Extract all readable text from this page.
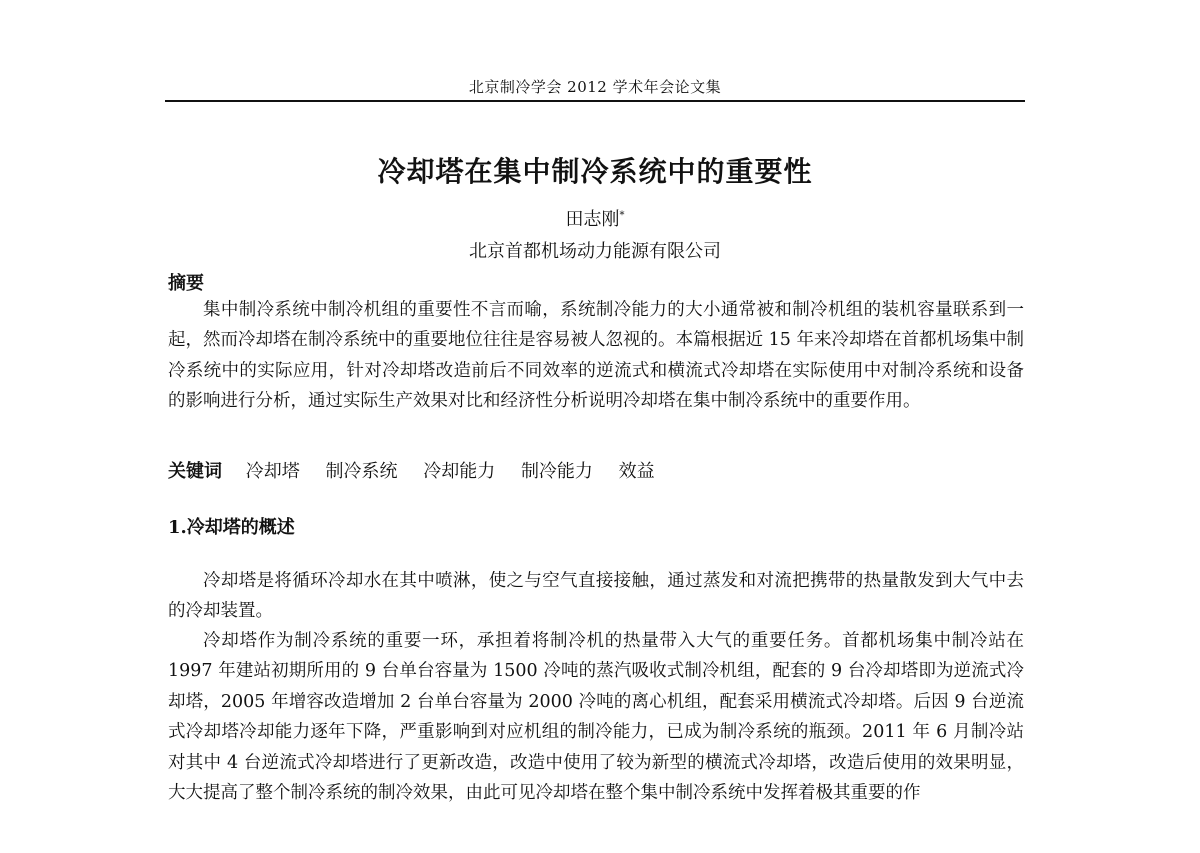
北京制冷学会 2012 学术年会论文集
冷却塔在集中制冷系统中的重要性
田志刚*
北京首都机场动力能源有限公司
摘要

集中制冷系统中制冷机组的重要性不言而喻，系统制冷能力的大小通常被和制冷机组的装机容量联系到一起，然而冷却塔在制冷系统中的重要地位往往是容易被人忽视的。本篇根据近 15 年来冷却塔在首都机场集中制冷系统中的实际应用，针对冷却塔改造前后不同效率的逆流式和横流式冷却塔在实际使用中对制冷系统和设备的影响进行分析，通过实际生产效果对比和经济性分析说明冷却塔在集中制冷系统中的重要作用。

关键词 冷却塔 制冷系统 冷却能力 制冷能力 效益
1.冷却塔的概述

冷却塔是将循环冷却水在其中喷淋，使之与空气直接接触，通过蒸发和对流把携带的热量散发到大气中去的冷却装置。

冷却塔作为制冷系统的重要一环，承担着将制冷机的热量带入大气的重要任务。首都机场集中制冷站在 1997 年建站初期所用的 9 台单台容量为 1500 冷吨的蒸汽吸收式制冷机组，配套的 9 台冷却塔即为逆流式冷却塔，2005 年增容改造增加 2 台单台容量为 2000 冷吨的离心机组，配套采用横流式冷却塔。后因 9 台逆流式冷却塔冷却能力逐年下降，严重影响到对应机组的制冷能力，已成为制冷系统的瓶颈。2011 年 6 月制冷站对其中 4 台逆流式冷却塔进行了更新改造，改造中使用了较为新型的横流式冷却塔，改造后使用的效果明显，大大提高了整个制冷系统的制冷效果，由此可见冷却塔在整个集中制冷系统中发挥着极其重要的作
